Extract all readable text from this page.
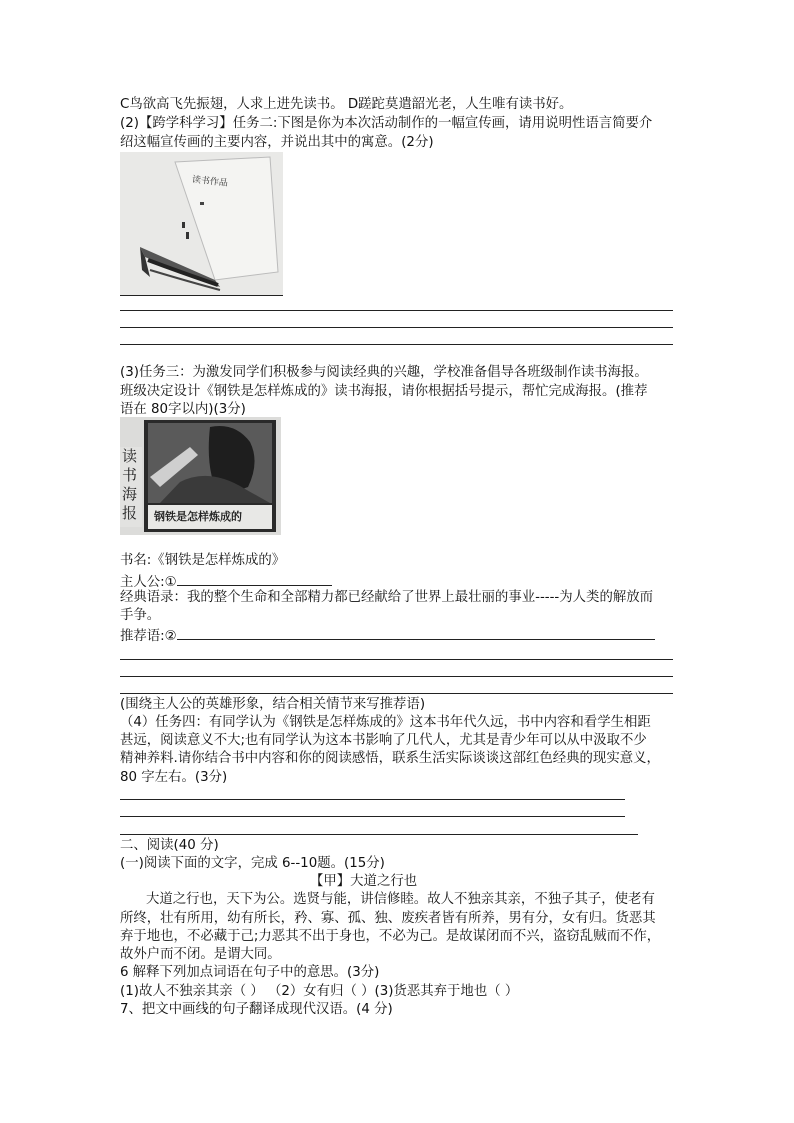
C鸟欲高飞先振翅，人求上进先读书。 D蹉跎莫遣韶光老，人生唯有读书好。
(2)【跨学科学习】任务二:下图是你为本次活动制作的一幅宣传画，请用说明性语言简要介
绍这幅宣传画的主要内容，并说出其中的寓意。(2分)
读书作品
(3)任务三：为激发同学们积极参与阅读经典的兴趣，学校准备倡导各班级制作读书海报。
班级决定设计《钢铁是怎样炼成的》读书海报，请你根据括号提示，帮忙完成海报。(推荐
语在 80字以内)(3分)
读
书
海
报	钢铁是怎样炼成的
书名:《钢铁是怎样炼成的》
主人公:①
经典语录：我的整个生命和全部精力都已经献给了世界上最壮丽的事业-----为人类的解放而
手争。
推荐语:②
(围绕主人公的英雄形象，结合相关情节来写推荐语)
（4）任务四：有同学认为《钢铁是怎样炼成的》这本书年代久远，书中内容和看学生相距
甚远，阅读意义不大;也有同学认为这本书影响了几代人，尤其是青少年可以从中汲取不少
精神养料.请你结合书中内容和你的阅读感悟，联系生活实际谈谈这部红色经典的现实意义，
80 字左右。(3分)
二、阅读(40 分)
(一)阅读下面的文字，完成 6--10题。(15分)
【甲】大道之行也
大道之行也，天下为公。选贤与能，讲信修睦。故人不独亲其亲，不独子其子，使老有
所终，壮有所用，幼有所长，矜、寡、孤、独、废疾者皆有所养，男有分，女有归。货恶其
弃于地也，不必藏于己;力恶其不出于身也，不必为己。是故谋闭而不兴，盗窃乱贼而不作，
故外户而不闭。是谓大同。
6 解释下列加点词语在句子中的意思。(3分)
(1)故人不独亲其亲（ ） （2）女有归（ ）(3)货恶其弃于地也（ ）
7、把文中画线的句子翻译成现代汉语。(4 分)
